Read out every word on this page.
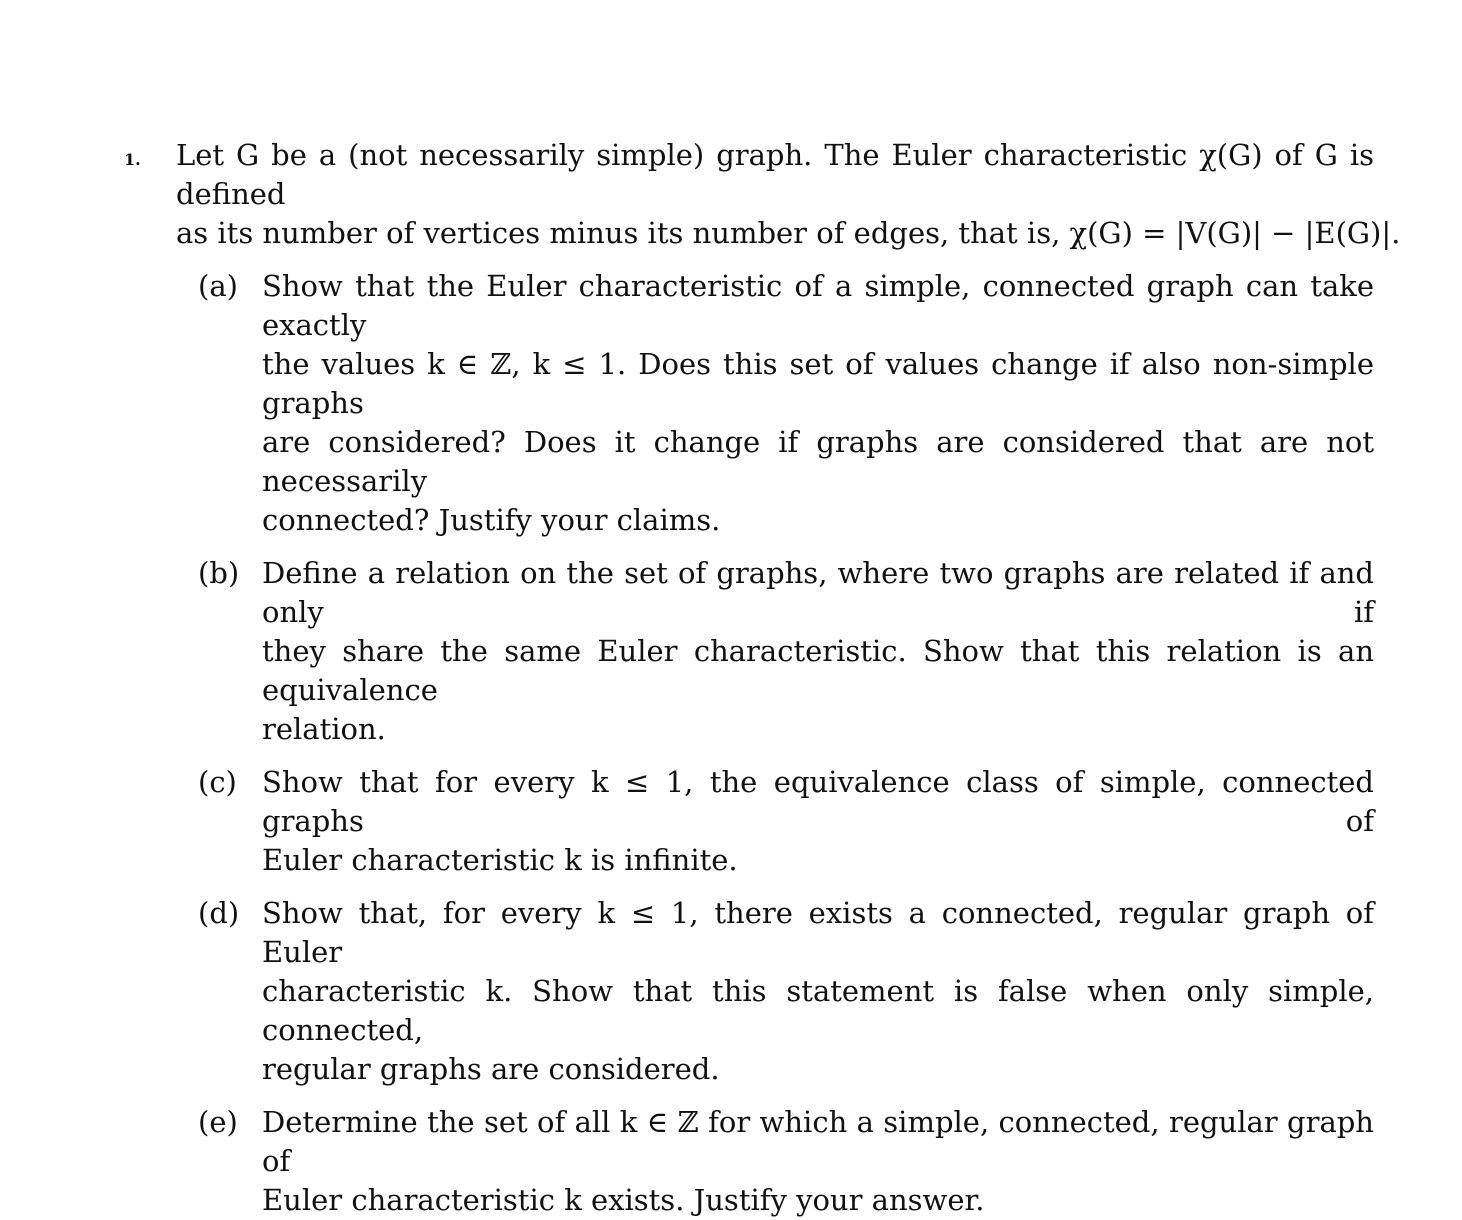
1.	Let G be a (not necessarily simple) graph. The Euler characteristic χ(G) of G is defined
as its number of vertices minus its number of edges, that is, χ(G) = |V(G)| − |E(G)|.
(a) Show that the Euler characteristic of a simple, connected graph can take exactly
the values k ∈ ℤ, k ≤ 1. Does this set of values change if also non-simple graphs
are considered? Does it change if graphs are considered that are not necessarily
connected? Justify your claims.
(b) Define a relation on the set of graphs, where two graphs are related if and only if
they share the same Euler characteristic. Show that this relation is an equivalence
relation.
(c) Show that for every k ≤ 1, the equivalence class of simple, connected graphs of
Euler characteristic k is infinite.
(d) Show that, for every k ≤ 1, there exists a connected, regular graph of Euler
characteristic k. Show that this statement is false when only simple, connected,
regular graphs are considered.
(e) Determine the set of all k ∈ ℤ for which a simple, connected, regular graph of
Euler characteristic k exists. Justify your answer.
